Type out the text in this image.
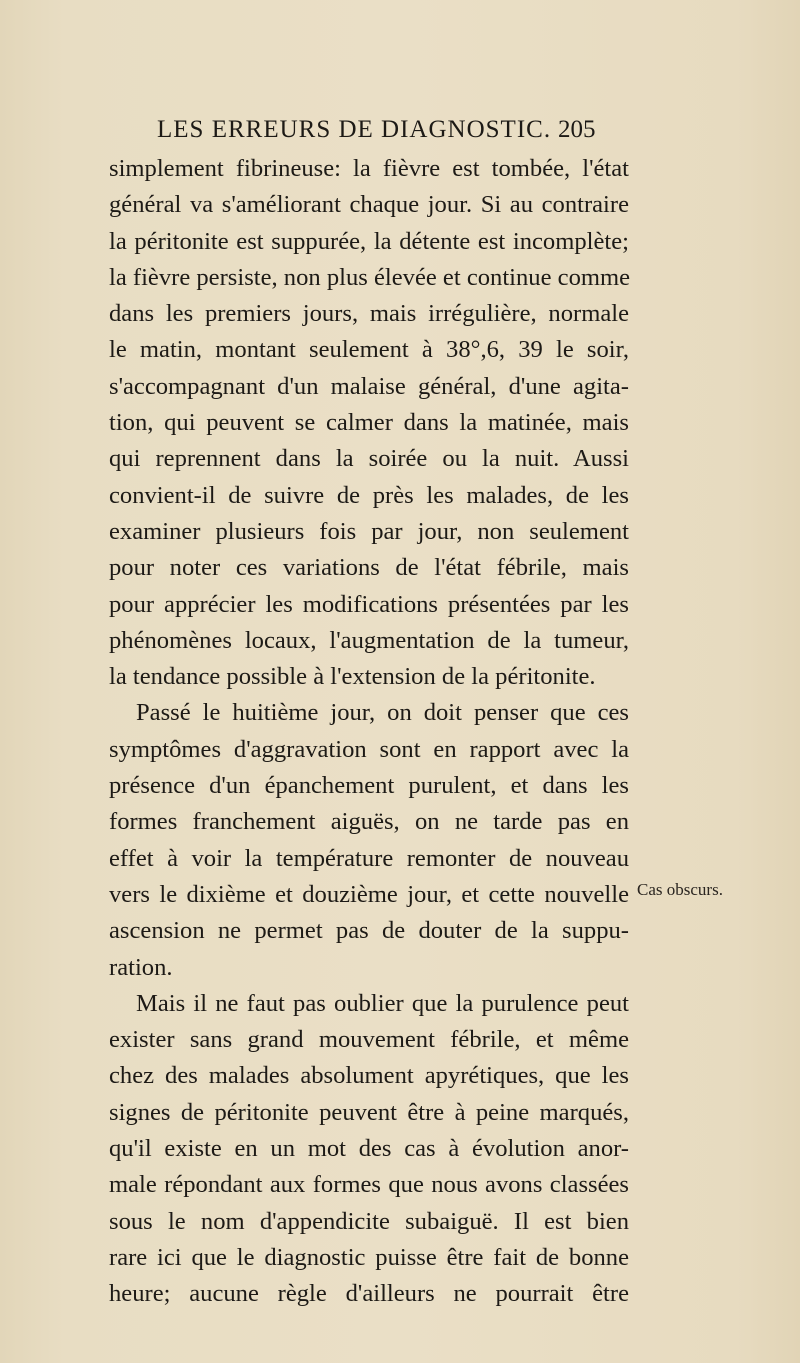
LES ERREURS DE DIAGNOSTIC. 205
simplement fibrineuse: la fièvre est tombée, l'état
général va s'améliorant chaque jour. Si au contraire
la péritonite est suppurée, la détente est incomplète;
la fièvre persiste, non plus élevée et continue comme
dans les premiers jours, mais irrégulière, normale
le matin, montant seulement à 38°,6, 39 le soir,
s'accompagnant d'un malaise général, d'une agita-
tion, qui peuvent se calmer dans la matinée, mais
qui reprennent dans la soirée ou la nuit. Aussi
convient-il de suivre de près les malades, de les
examiner plusieurs fois par jour, non seulement
pour noter ces variations de l'état fébrile, mais
pour apprécier les modifications présentées par les
phénomènes locaux, l'augmentation de la tumeur,
la tendance possible à l'extension de la péritonite.
Passé le huitième jour, on doit penser que ces
symptômes d'aggravation sont en rapport avec la
présence d'un épanchement purulent, et dans les
formes franchement aiguës, on ne tarde pas en
effet à voir la température remonter de nouveau
vers le dixième et douzième jour, et cette nouvelle
ascension ne permet pas de douter de la suppu-
ration.
Mais il ne faut pas oublier que la purulence peut
exister sans grand mouvement fébrile, et même
chez des malades absolument apyrétiques, que les
signes de péritonite peuvent être à peine marqués,
qu'il existe en un mot des cas à évolution anor-
male répondant aux formes que nous avons classées
sous le nom d'appendicite subaiguë. Il est bien
rare ici que le diagnostic puisse être fait de bonne
heure; aucune règle d'ailleurs ne pourrait être
Cas obscurs.
